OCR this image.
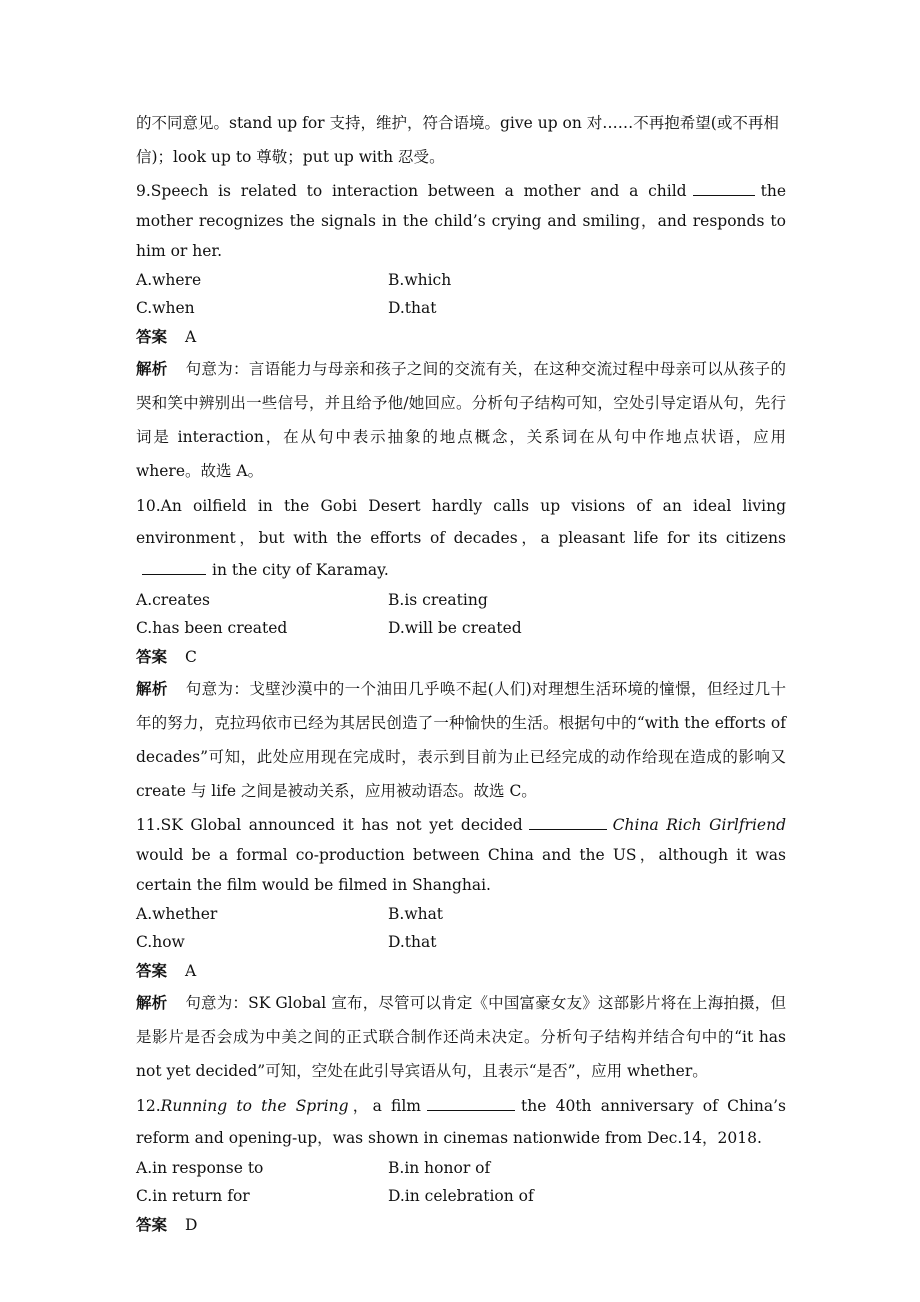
的不同意见。stand up for 支持，维护，符合语境。give up on 对……不再抱希望(或不再相
信)；look up to 尊敬；put up with 忍受。

9.Speech is related to interaction between a mother and a child	the mother recognizes the signals in the child’s crying and smiling，and responds to him or her.

A.where	B.which
C.when	D.that

答案 A

解析 句意为：言语能力与母亲和孩子之间的交流有关，在这种交流过程中母亲可以从孩子的哭和笑中辨别出一些信号，并且给予他/她回应。分析句子结构可知，空处引导定语从句，先行词是 interaction，在从句中表示抽象的地点概念，关系词在从句中作地点状语，应用 where。故选 A。

10.An oilfield in the Gobi Desert hardly calls up visions of an ideal living environment，but with the efforts of decades，a pleasant life for its citizensin the city of Karamay.

A.creates	B.is creating
C.has been created	D.will be created

答案 C

解析 句意为：戈壁沙漠中的一个油田几乎唤不起(人们)对理想生活环境的憧憬，但经过几十年的努力，克拉玛依市已经为其居民创造了一种愉快的生活。根据句中的“with the efforts of decades”可知，此处应用现在完成时，表示到目前为止已经完成的动作给现在造成的影响又 create 与 life 之间是被动关系，应用被动语态。故选 C。

11.SK Global announced it has not yet decided	China Rich Girlfriend would be a formal co-production between China and the US，although it was certain the film would be filmed in Shanghai.

A.whether	B.what
C.how	D.that

答案 A

解析 句意为：SK Global 宣布，尽管可以肯定《中国富豪女友》这部影片将在上海拍摄，但是影片是否会成为中美之间的正式联合制作还尚未决定。分析句子结构并结合句中的“it has not yet decided”可知，空处在此引导宾语从句，且表示“是否”，应用 whether。

12.Running to the Spring，a film	the 40th anniversary of China’s reform and opening-up，was shown in cinemas nationwide from Dec.14，2018.

A.in response to	B.in honor of
C.in return for	D.in celebration of

答案 D
